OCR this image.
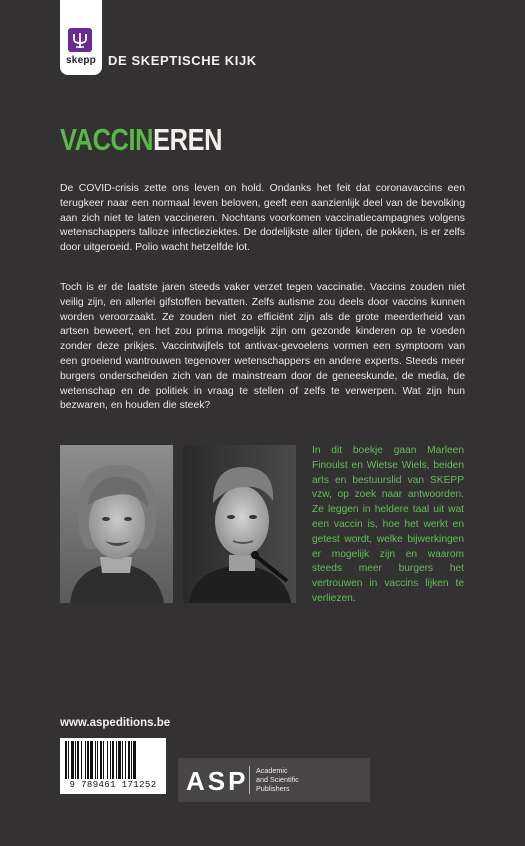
skepp DE SKEPTISCHE KIJK
VACCINEREN
De COVID-crisis zette ons leven on hold. Ondanks het feit dat coronavaccins een terugkeer naar een normaal leven beloven, geeft een aanzienlijk deel van de bevolking aan zich niet te laten vaccineren. Nochtans voorkomen vaccinatiecampagnes volgens wetenschappers talloze infectieziektes. De dodelijkste aller tijden, de pokken, is er zelfs door uitgeroeid. Polio wacht hetzelfde lot.
Toch is er de laatste jaren steeds vaker verzet tegen vaccinatie. Vaccins zouden niet veilig zijn, en allerlei gifstoffen bevatten. Zelfs autisme zou deels door vaccins kunnen worden veroorzaakt. Ze zouden niet zo efficiënt zijn als de grote meerderheid van artsen beweert, en het zou prima mogelijk zijn om gezonde kinderen op te voeden zonder deze prikjes. Vaccintwijfels tot antivax-gevoelens vormen een symptoom van een groeiend wantrouwen tegenover wetenschappers en andere experts. Steeds meer burgers onderscheiden zich van de mainstream door de geneeskunde, de media, de wetenschap en de politiek in vraag te stellen of zelfs te verwerpen. Wat zijn hun bezwaren, en houden die steek?
In dit boekje gaan Marleen Finoulst en Wietse Wiels, beiden arts en bestuurslid van SKEPP vzw, op zoek naar antwoorden. Ze leggen in heldere taal uit wat een vaccin is, hoe het werkt en getest wordt, welke bijwerkingen er mogelijk zijn en waarom steeds meer burgers het vertrouwen in vaccins lijken te verliezen.
www.aspeditions.be
9 789461 171252	ASP Academic
and Scientific
Publishers
